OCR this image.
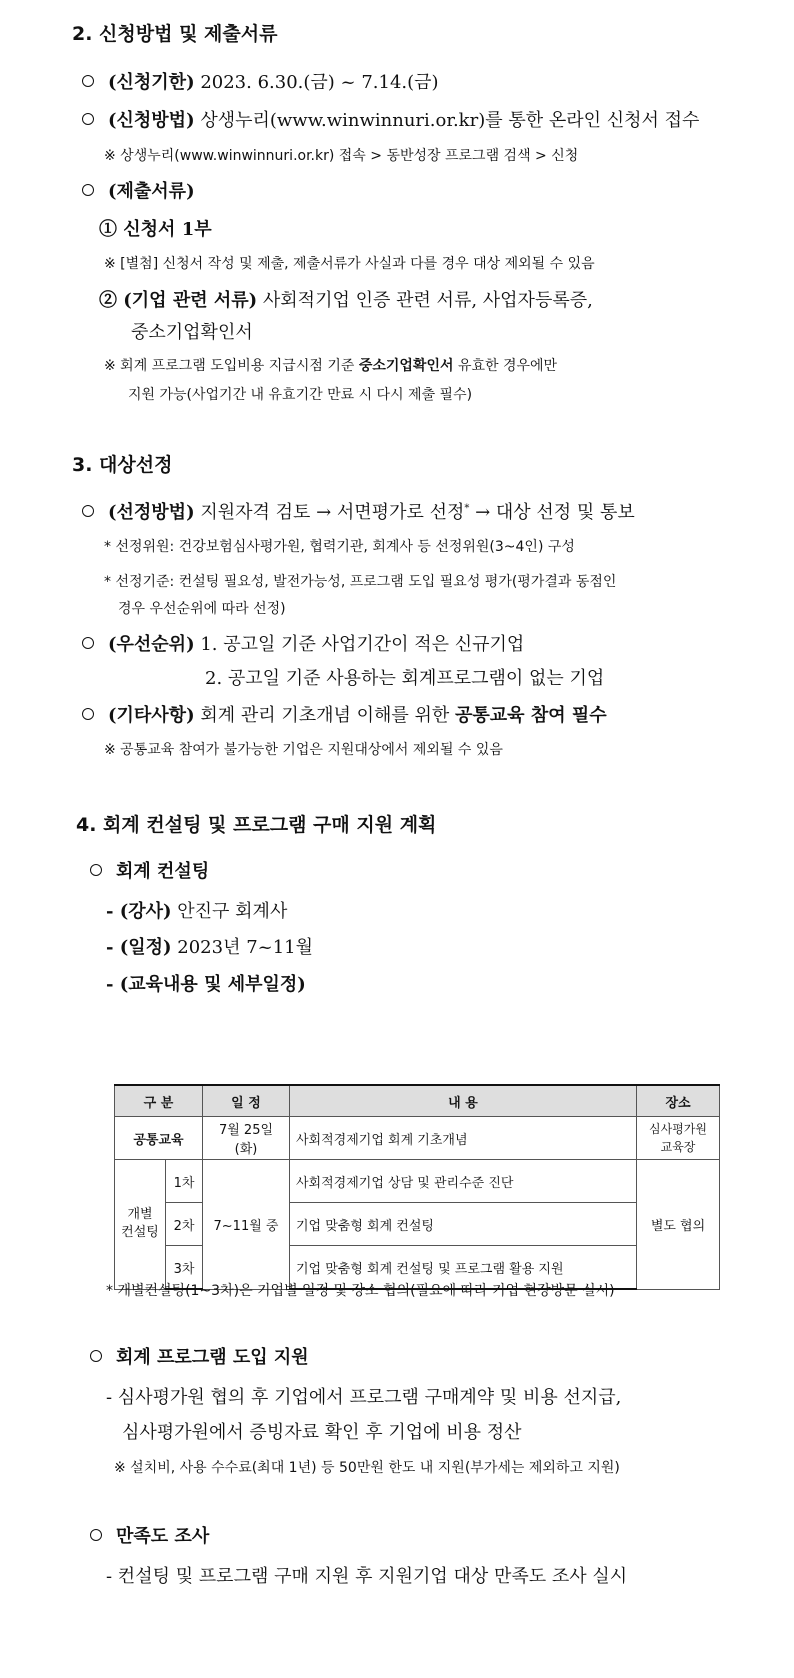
2. 신청방법 및 제출서류
(신청기한) 2023. 6.30.(금) ~ 7.14.(금)
(신청방법) 상생누리(www.winwinnuri.or.kr)를 통한 온라인 신청서 접수
※ 상생누리(www.winwinnuri.or.kr) 접속 > 동반성장 프로그램 검색 > 신청
(제출서류)
① 신청서 1부
※ [별첨] 신청서 작성 및 제출, 제출서류가 사실과 다를 경우 대상 제외될 수 있음
② (기업 관련 서류) 사회적기업 인증 관련 서류, 사업자등록증,
중소기업확인서
※ 회계 프로그램 도입비용 지급시점 기준 중소기업확인서 유효한 경우에만
지원 가능(사업기간 내 유효기간 만료 시 다시 제출 필수)
3. 대상선정
(선정방법) 지원자격 검토 → 서면평가로 선정* → 대상 선정 및 통보
* 선정위원: 건강보험심사평가원, 협력기관, 회계사 등 선정위원(3~4인) 구성
* 선정기준: 컨설팅 필요성, 발전가능성, 프로그램 도입 필요성 평가(평가결과 동점인
경우 우선순위에 따라 선정)
(우선순위) 1. 공고일 기준 사업기간이 적은 신규기업
2. 공고일 기준 사용하는 회계프로그램이 없는 기업
(기타사항) 회계 관리 기초개념 이해를 위한 공통교육 참여 필수
※ 공통교육 참여가 불가능한 기업은 지원대상에서 제외될 수 있음
4. 회계 컨설팅 및 프로그램 구매 지원 계획
회계 컨설팅
- (강사) 안진구 회계사
- (일정) 2023년 7~11월
- (교육내용 및 세부일정)
구 분		일 정	내 용	장소
공통교육		7월 25일(화)	사회적경제기업 회계 기초개념	심사평가원 교육장
개별 컨설팅	1차	7~11월 중	사회적경제기업 상담 및 관리수준 진단	별도 협의
	2차		기업 맞춤형 회계 컨설팅	
	3차		기업 맞춤형 회계 컨설팅 및 프로그램 활용 지원	
* 개별컨설팅(1~3차)은 기업별 일정 및 장소 협의(필요에 따라 기업 현장방문 실시)
회계 프로그램 도입 지원
- 심사평가원 협의 후 기업에서 프로그램 구매계약 및 비용 선지급,
심사평가원에서 증빙자료 확인 후 기업에 비용 정산
※ 설치비, 사용 수수료(최대 1년) 등 50만원 한도 내 지원(부가세는 제외하고 지원)
만족도 조사
- 컨설팅 및 프로그램 구매 지원 후 지원기업 대상 만족도 조사 실시
